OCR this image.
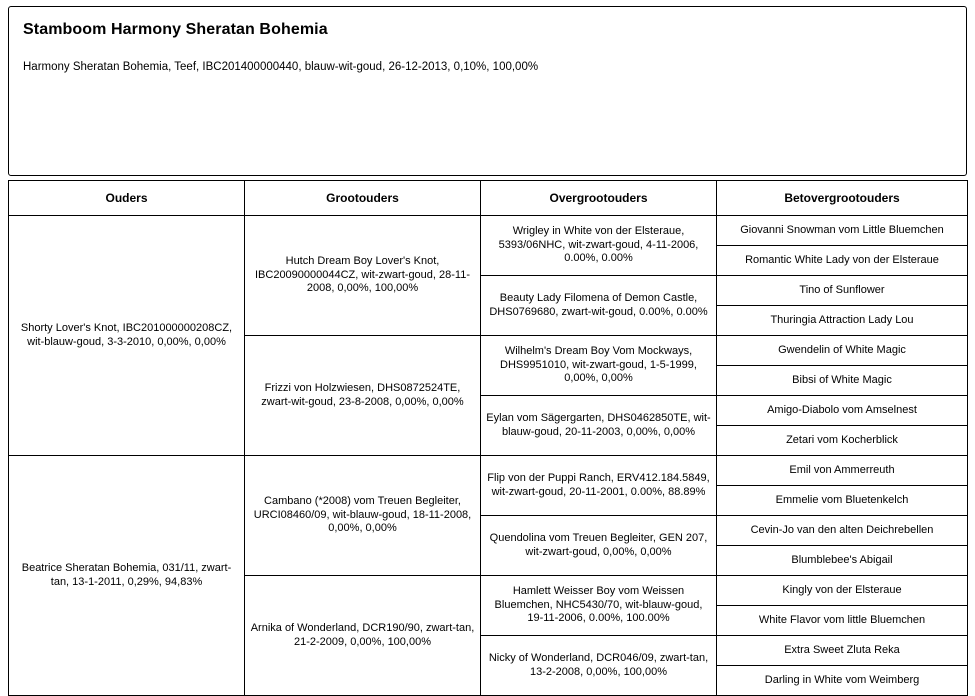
Stamboom Harmony Sheratan Bohemia
Harmony Sheratan Bohemia, Teef, IBC201400000440, blauw-wit-goud, 26-12-2013, 0,10%, 100,00%
Ouders	Grootouders	Overgrootouders	Betovergrootouders
Shorty Lover's Knot, IBC201000000208CZ, wit-blauw-goud, 3-3-2010, 0,00%, 0,00%	Hutch Dream Boy Lover's Knot, IBC20090000044CZ, wit-zwart-goud, 28-11-2008, 0,00%, 100,00%	Wrigley in White von der Elsteraue, 5393/06NHC, wit-zwart-goud, 4-11-2006, 0.00%, 0.00%	Giovanni Snowman vom Little Bluemchen
			Romantic White Lady von der Elsteraue
		Beauty Lady Filomena of Demon Castle, DHS0769680, zwart-wit-goud, 0.00%, 0.00%	Tino of Sunflower
			Thuringia Attraction Lady Lou
	Frizzi von Holzwiesen, DHS0872524TE, zwart-wit-goud, 23-8-2008, 0,00%, 0,00%	Wilhelm's Dream Boy Vom Mockways, DHS9951010, wit-zwart-goud, 1-5-1999, 0,00%, 0,00%	Gwendelin of White Magic
			Bibsi of White Magic
		Eylan vom Sägergarten, DHS0462850TE, wit-blauw-goud, 20-11-2003, 0,00%, 0,00%	Amigo-Diabolo vom Amselnest
			Zetari vom Kocherblick
Beatrice Sheratan Bohemia, 031/11, zwart-tan, 13-1-2011, 0,29%, 94,83%	Cambano (*2008) vom Treuen Begleiter, URCI08460/09, wit-blauw-goud, 18-11-2008, 0,00%, 0,00%	Flip von der Puppi Ranch, ERV412.184.5849, wit-zwart-goud, 20-11-2001, 0.00%, 88.89%	Emil von Ammerreuth
			Emmelie vom Bluetenkelch
		Quendolina vom Treuen Begleiter, GEN 207, wit-zwart-goud, 0,00%, 0,00%	Cevin-Jo van den alten Deichrebellen
			Blumblebee's Abigail
	Arnika of Wonderland, DCR190/90, zwart-tan, 21-2-2009, 0,00%, 100,00%	Hamlett Weisser Boy vom Weissen Bluemchen, NHC5430/70, wit-blauw-goud, 19-11-2006, 0.00%, 100.00%	Kingly von der Elsteraue
			White Flavor vom little Bluemchen
		Nicky of Wonderland, DCR046/09, zwart-tan, 13-2-2008, 0,00%, 100,00%	Extra Sweet Zluta Reka
			Darling in White vom Weimberg
